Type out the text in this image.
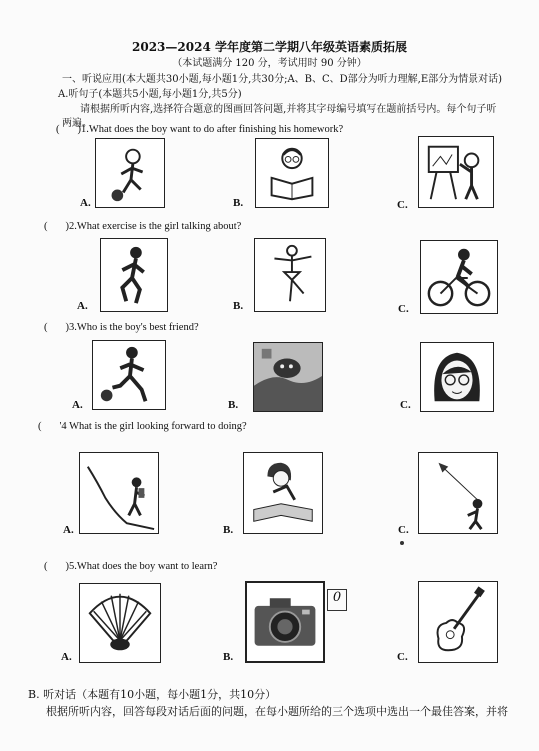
2023—2024 学年度第二学期八年级英语素质拓展
（本试题满分 120 分，考试用时 90 分钟）
一、听说应用(本大题共30小题,每小题1分,共30分;A、B、C、D部分为听力理解,E部分为情景对话)
A.听句子(本题共5小题,每小题1分,共5分)
请根据所听内容,选择符合题意的图画回答问题,并将其字母编号填写在题前括号内。每个句子听
两遍。
( )1.What does the boy want to do after finishing his homework?
A.	B.	C.
( )2.What exercise is the girl talking about?
A.	B.	C.
( )3.Who is the boy's best friend?
A.	B.	C.
( '4 What is the girl looking forward to doing?
A.	B.	C.
( )5.What does the boy want to learn?
A.	B.
0
C.
B. 听对话（本题有10小题，每小题1分，共10分）
根据所听内容，回答每段对话后面的问题，在每小题所给的三个选项中选出一个最佳答案，并将
